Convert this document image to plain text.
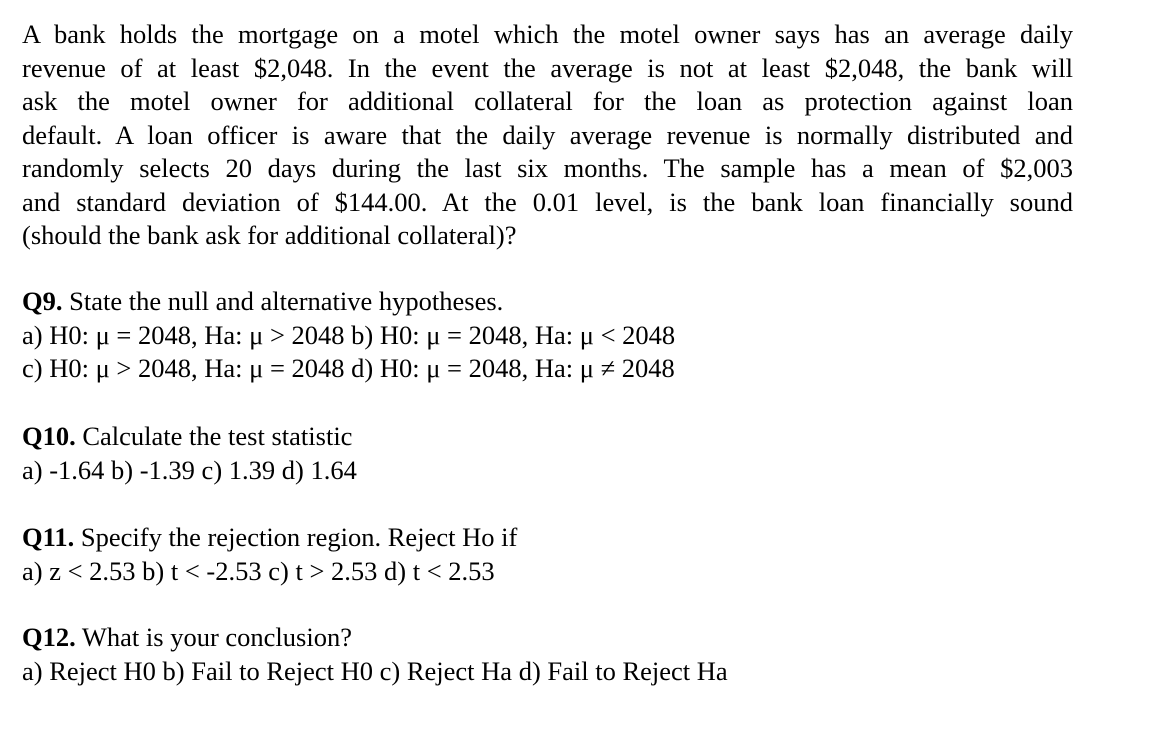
A bank holds the mortgage on a motel which the motel owner says has an average daily
revenue of at least $2,048. In the event the average is not at least $2,048, the bank will
ask the motel owner for additional collateral for the loan as protection against loan
default. A loan officer is aware that the daily average revenue is normally distributed and
randomly selects 20 days during the last six months. The sample has a mean of $2,003
and standard deviation of $144.00. At the 0.01 level, is the bank loan financially sound
(should the bank ask for additional collateral)?
Q9. State the null and alternative hypotheses.
a) H0: μ = 2048, Ha: μ > 2048 b) H0: μ = 2048, Ha: μ < 2048
c) H0: μ > 2048, Ha: μ = 2048 d) H0: μ = 2048, Ha: μ ≠ 2048
Q10. Calculate the test statistic
a) -1.64 b) -1.39 c) 1.39 d) 1.64
Q11. Specify the rejection region. Reject Ho if
a) z < 2.53 b) t < -2.53 c) t > 2.53 d) t < 2.53
Q12. What is your conclusion?
a) Reject H0 b) Fail to Reject H0 c) Reject Ha d) Fail to Reject Ha
